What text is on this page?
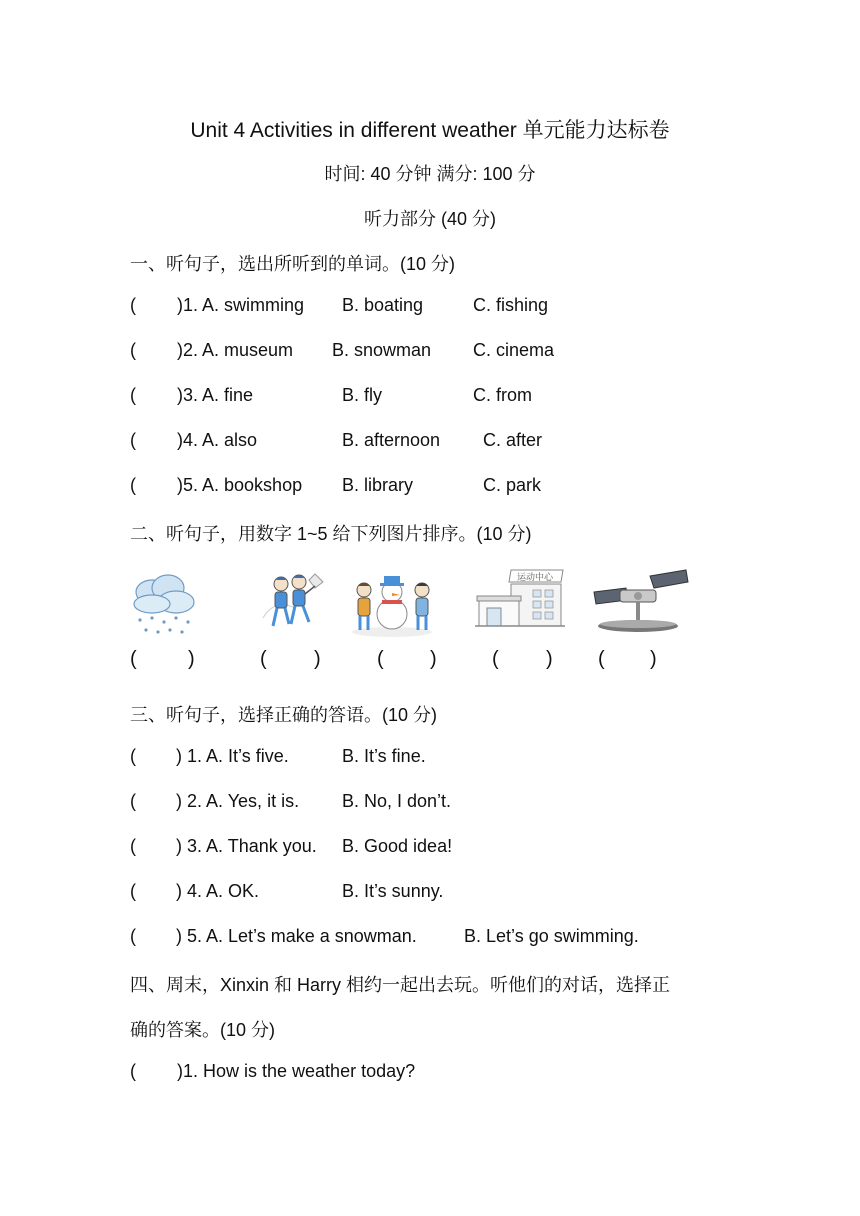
Unit 4 Activities in different weather 单元能力达标卷
时间: 40 分钟 满分: 100 分
听力部分 (40 分)
一、听句子，选出所听到的单词。(10 分)
( )1. A. swimming B. boating	C. fishing
( )2. A. museum B. snowman C. cinema
( )3. A. fine	B. fly	C. from
( )4. A. also	B. afternoon C. after
( )5. A. bookshop B. library	C. park
二、听句子，用数字 1~5 给下列图片排序。(10 分)
运动中心
(	)	( )	( )	( ) ( )
三、听句子，选择正确的答语。(10 分)
( ) 1. A. It’s five.	B. It’s fine.
( ) 2. A. Yes, it is. B. No, I don’t.
( ) 3. A. Thank you. B. Good idea!
( ) 4. A. OK.	B. It’s sunny.
( ) 5. A. Let’s make a snowman.	B. Let’s go swimming.
四、周末，Xinxin 和 Harry 相约一起出去玩。听他们的对话，选择正
确的答案。(10 分)
( )1. How is the weather today?
